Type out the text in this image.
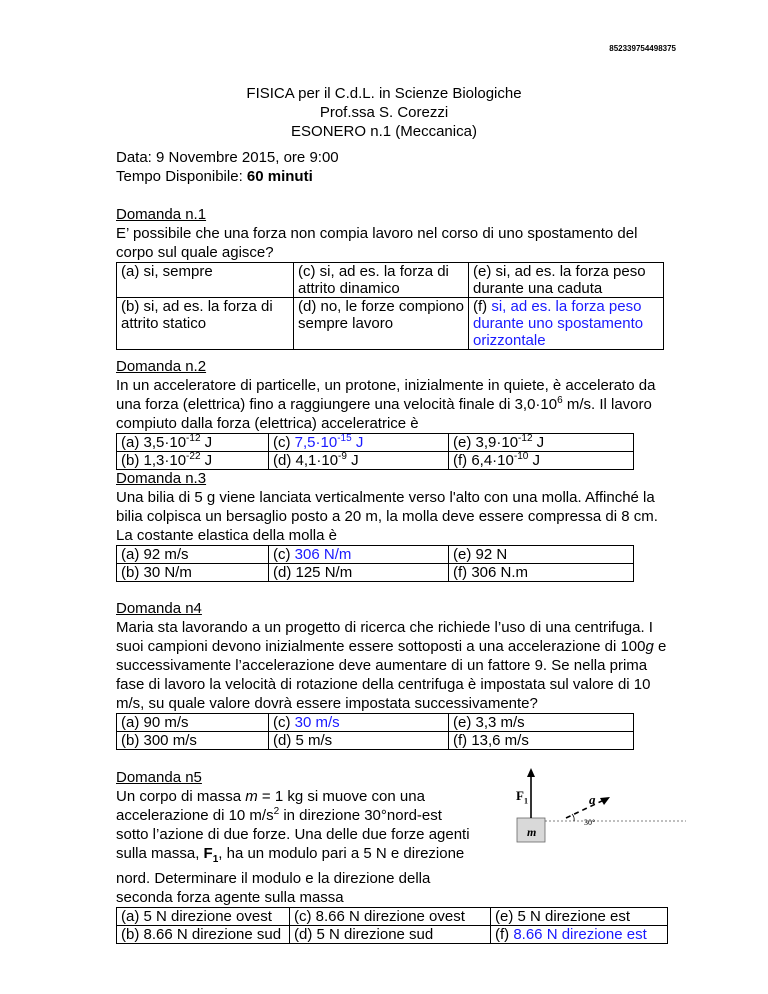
852339754498375
FISICA per il C.d.L. in Scienze Biologiche
Prof.ssa S. Corezzi
ESONERO n.1 (Meccanica)
Data: 9 Novembre 2015, ore 9:00
Tempo Disponibile: 60 minuti
Domanda n.1
E’ possibile che una forza non compia lavoro nel corso di uno spostamento del corpo sul quale agisce?
(a) si, sempre	(c) si, ad es. la forza di attrito dinamico	(e) si, ad es. la forza peso durante una caduta
(b) si, ad es. la forza di attrito statico	(d) no, le forze compiono sempre lavoro	(f) si, ad es. la forza peso durante uno spostamento orizzontale
Domanda n.2
In un acceleratore di particelle, un protone, inizialmente in quiete, è accelerato da una forza (elettrica) fino a raggiungere una velocità finale di $3,0\cdot 10^6$ m/s. Il lavoro compiuto dalla forza (elettrica) acceleratrice è
(a) $3,5\cdot 10^{-12}$ J	(c) $7,5\cdot 10^{-15}$ J	(e) $3,9\cdot 10^{-12}$ J
(b) $1,3\cdot 10^{-22}$ J	(d) $4,1\cdot 10^{-9}$ J	(f) $6,4\cdot 10^{-10}$ J
Domanda n.3
Una bilia di 5 g viene lanciata verticalmente verso l'alto con una molla. Affinché la bilia colpisca un bersaglio posto a 20 m, la molla deve essere compressa di 8 cm. La costante elastica della molla è
(a) 92 m/s	(c) 306 N/m	(e) 92 N
(b) 30 N/m	(d) 125 N/m	(f) 306 N.m
Domanda n4
Maria sta lavorando a un progetto di ricerca che richiede l’uso di una centrifuga. I suoi campioni devono inizialmente essere sottoposti a una accelerazione di 100g e successivamente l’accelerazione deve aumentare di un fattore 9. Se nella prima fase di lavoro la velocità di rotazione della centrifuga è impostata sul valore di 10 m/s, su quale valore dovrà essere impostata successivamente?
(a) 90 m/s	(c) 30 m/s	(e) 3,3 m/s
(b) 300 m/s	(d) 5 m/s	(f) 13,6 m/s
Domanda n5
Un corpo di massa m = 1 kg si muove con una accelerazione di 10 $m/s^2$ in direzione 30°nord-est sotto l’azione di due forze. Una delle due forze agenti sulla massa, $F_1$, ha un modulo pari a 5 N e direzione nord. Determinare il modulo e la direzione della seconda forza agente sulla massa
(a) 5 N direzione ovest	(c) 8.66 N direzione ovest	(e) 5 N direzione est
(b) 8.66 N direzione sud	(d) 5 N direzione sud	(f) 8.66 N direzione est
$F_1$	a
30°
m
